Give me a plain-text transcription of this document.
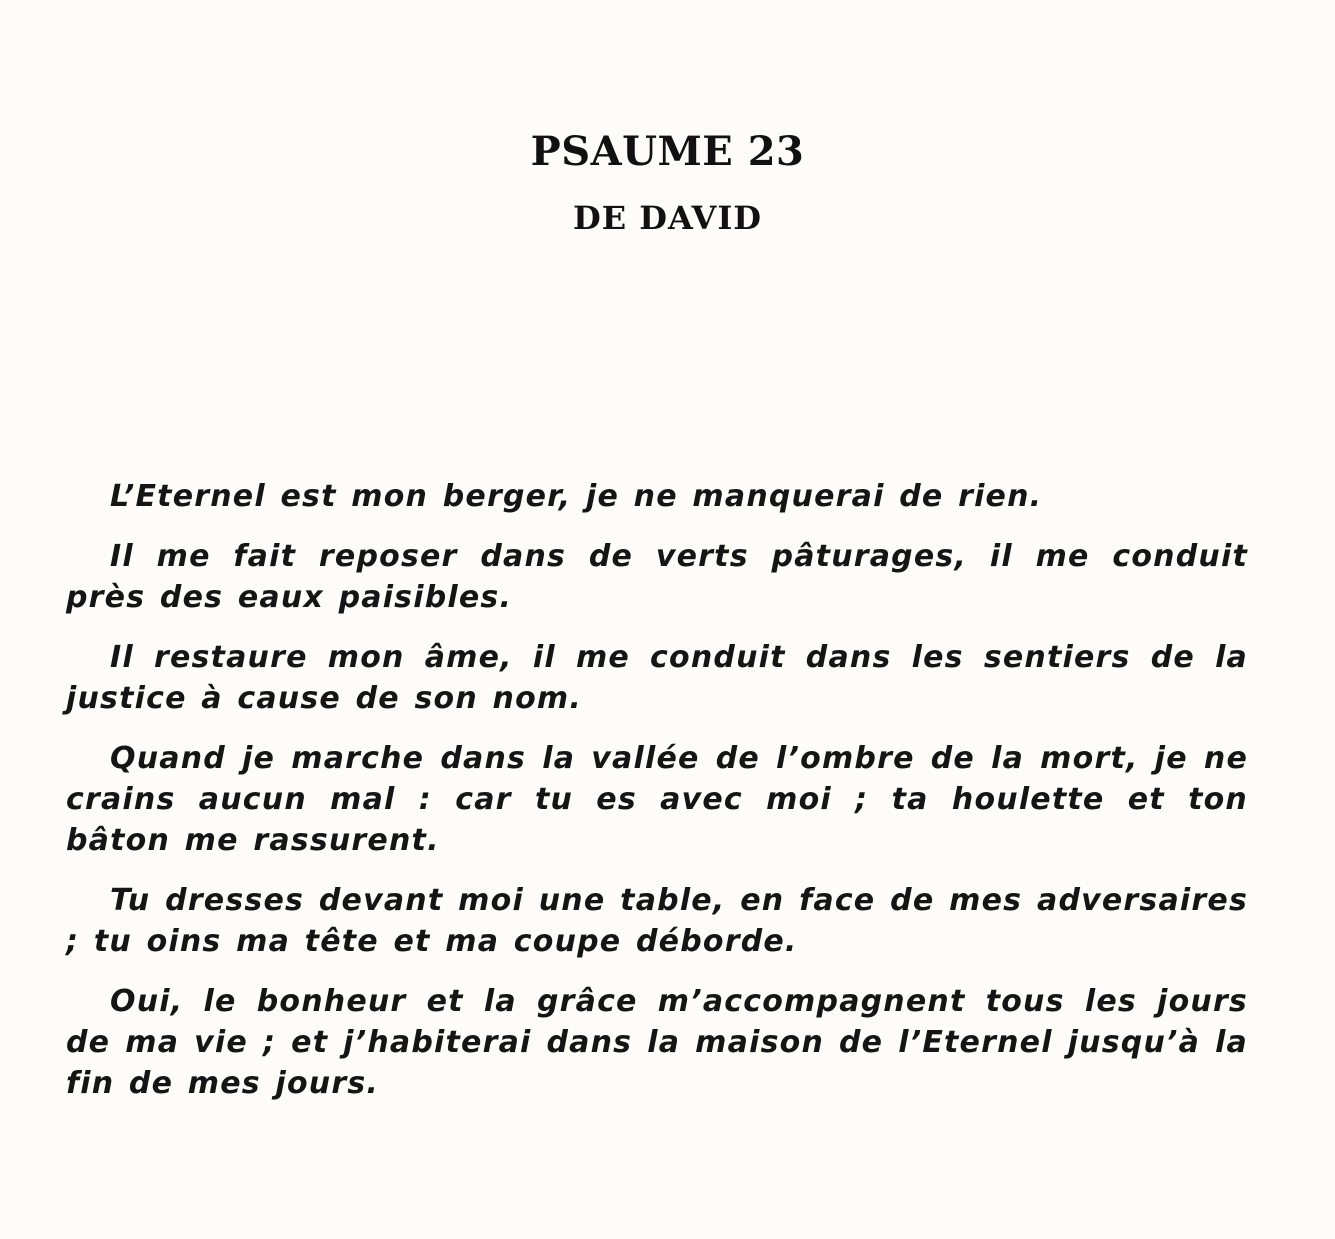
PSAUME 23
DE DAVID

L’Eternel est mon berger, je ne manquerai de rien.

Il me fait reposer dans de verts pâturages, il me conduit près des eaux paisibles.

Il restaure mon âme, il me conduit dans les sentiers de la justice à cause de son nom.

Quand je marche dans la vallée de l’ombre de la mort, je ne crains aucun mal : car tu es avec moi ; ta houlette et ton bâton me rassurent.

Tu dresses devant moi une table, en face de mes adversaires ; tu oins ma tête et ma coupe déborde.

Oui, le bonheur et la grâce m’accompagnent tous les jours de ma vie ; et j’habiterai dans la maison de l’Eternel jusqu’à la fin de mes jours.
